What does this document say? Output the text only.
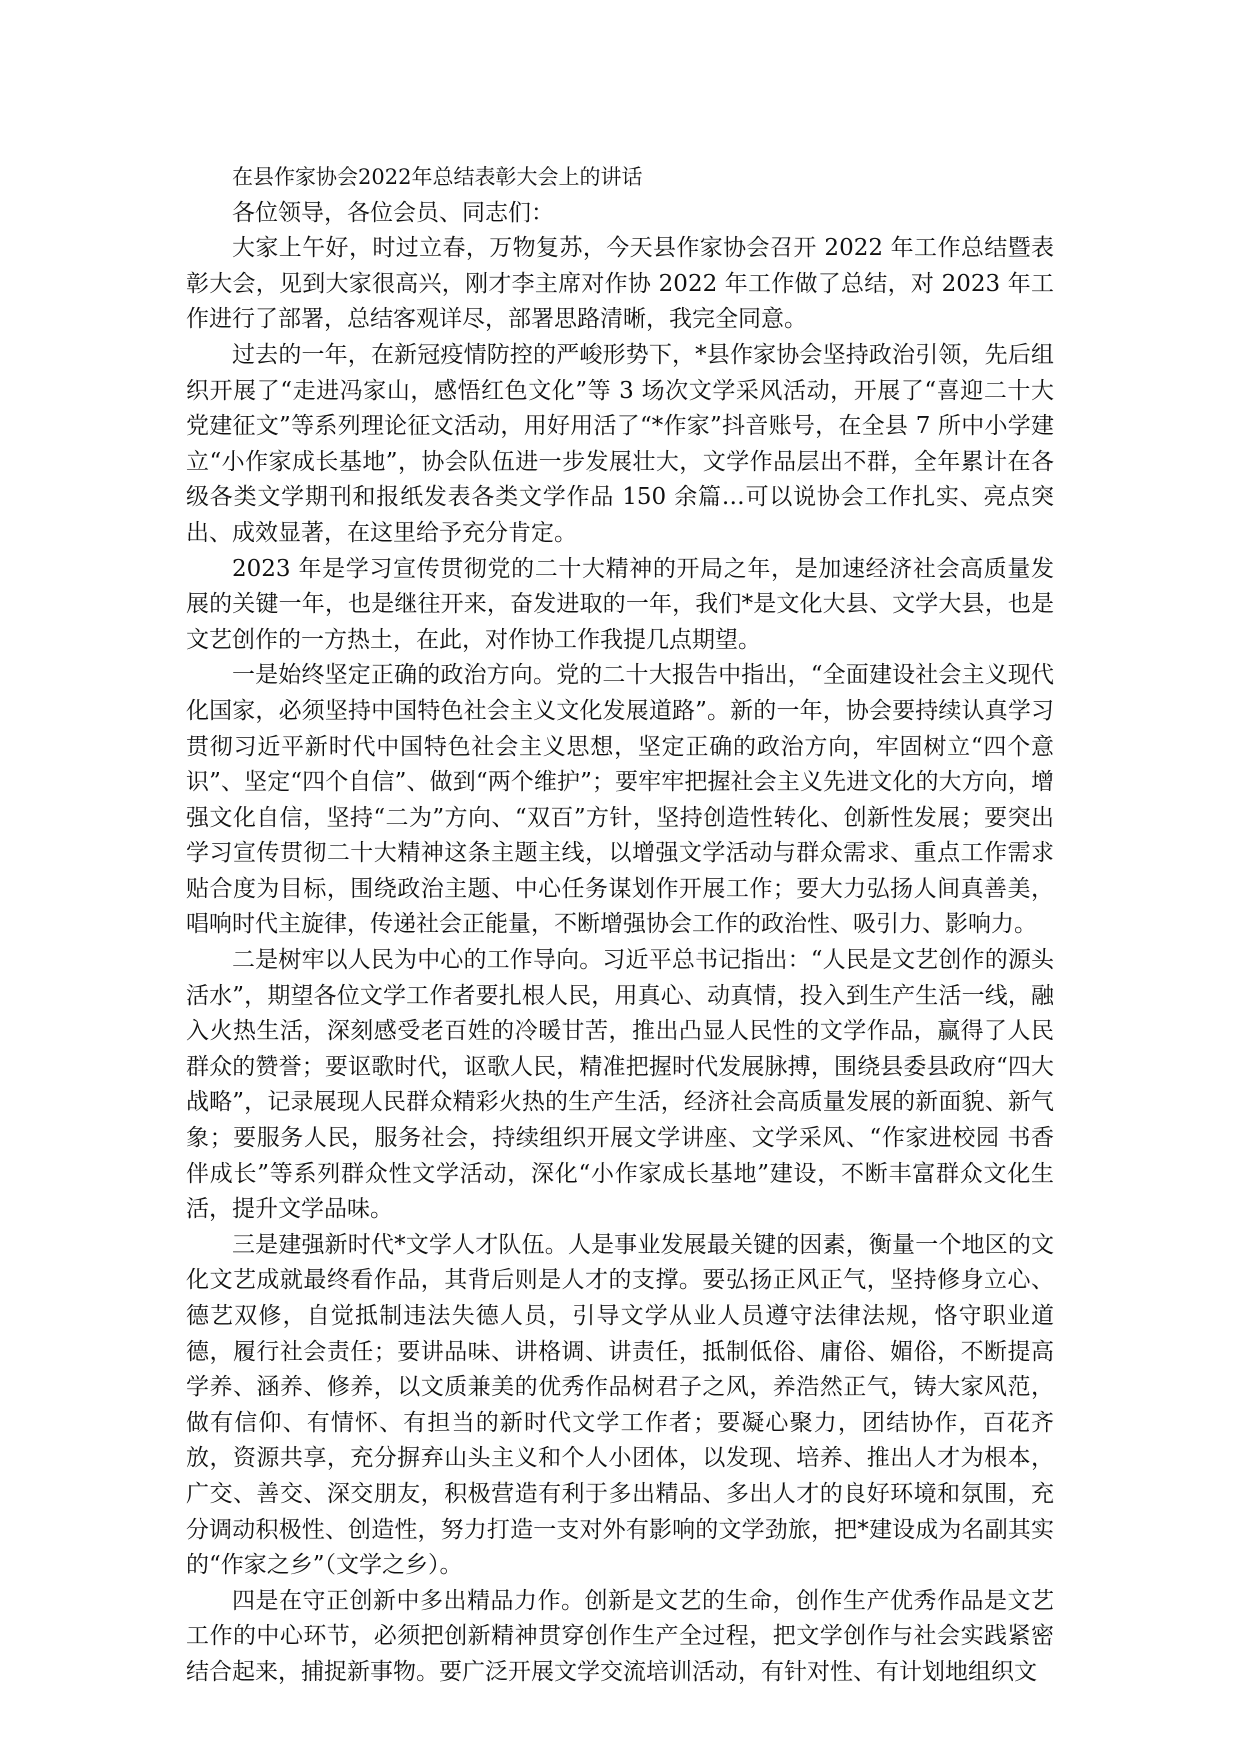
在县作家协会2022年总结表彰大会上的讲话

各位领导，各位会员、同志们：

大家上午好，时过立春，万物复苏，今天县作家协会召开 2022 年工作总结暨表彰大会，见到大家很高兴，刚才李主席对作协 2022 年工作做了总结，对 2023 年工作进行了部署，总结客观详尽，部署思路清晰，我完全同意。

过去的一年，在新冠疫情防控的严峻形势下，*县作家协会坚持政治引领，先后组织开展了“走进冯家山，感悟红色文化”等 3 场次文学采风活动，开展了“喜迎二十大党建征文”等系列理论征文活动，用好用活了“*作家”抖音账号，在全县 7 所中小学建立“小作家成长基地”，协会队伍进一步发展壮大，文学作品层出不群，全年累计在各级各类文学期刊和报纸发表各类文学作品 150 余篇…可以说协会工作扎实、亮点突出、成效显著，在这里给予充分肯定。

2023 年是学习宣传贯彻党的二十大精神的开局之年，是加速经济社会高质量发展的关键一年，也是继往开来，奋发进取的一年，我们*是文化大县、文学大县，也是文艺创作的一方热土，在此，对作协工作我提几点期望。

一是始终坚定正确的政治方向。党的二十大报告中指出，“全面建设社会主义现代化国家，必须坚持中国特色社会主义文化发展道路”。新的一年，协会要持续认真学习贯彻习近平新时代中国特色社会主义思想，坚定正确的政治方向，牢固树立“四个意识”、坚定“四个自信”、做到“两个维护”；要牢牢把握社会主义先进文化的大方向，增强文化自信，坚持“二为”方向、“双百”方针，坚持创造性转化、创新性发展；要突出学习宣传贯彻二十大精神这条主题主线，以增强文学活动与群众需求、重点工作需求贴合度为目标，围绕政治主题、中心任务谋划作开展工作；要大力弘扬人间真善美，唱响时代主旋律，传递社会正能量，不断增强协会工作的政治性、吸引力、影响力。

二是树牢以人民为中心的工作导向。习近平总书记指出：“人民是文艺创作的源头活水”，期望各位文学工作者要扎根人民，用真心、动真情，投入到生产生活一线，融入火热生活，深刻感受老百姓的冷暖甘苦，推出凸显人民性的文学作品，赢得了人民群众的赞誉；要讴歌时代，讴歌人民，精准把握时代发展脉搏，围绕县委县政府“四大战略”，记录展现人民群众精彩火热的生产生活，经济社会高质量发展的新面貌、新气象；要服务人民，服务社会，持续组织开展文学讲座、文学采风、“作家进校园 书香伴成长”等系列群众性文学活动，深化“小作家成长基地”建设，不断丰富群众文化生活，提升文学品味。

三是建强新时代*文学人才队伍。人是事业发展最关键的因素，衡量一个地区的文化文艺成就最终看作品，其背后则是人才的支撑。要弘扬正风正气，坚持修身立心、德艺双修，自觉抵制违法失德人员，引导文学从业人员遵守法律法规，恪守职业道德，履行社会责任；要讲品味、讲格调、讲责任，抵制低俗、庸俗、媚俗，不断提高学养、涵养、修养，以文质兼美的优秀作品树君子之风，养浩然正气，铸大家风范，做有信仰、有情怀、有担当的新时代文学工作者；要凝心聚力，团结协作，百花齐放，资源共享，充分摒弃山头主义和个人小团体，以发现、培养、推出人才为根本，广交、善交、深交朋友，积极营造有利于多出精品、多出人才的良好环境和氛围，充分调动积极性、创造性，努力打造一支对外有影响的文学劲旅，把*建设成为名副其实的“作家之乡”（文学之乡）。

四是在守正创新中多出精品力作。创新是文艺的生命，创作生产优秀作品是文艺工作的中心环节，必须把创新精神贯穿创作生产全过程，把文学创作与社会实践紧密结合起来，捕捉新事物。要广泛开展文学交流培训活动，有针对性、有计划地组织文
